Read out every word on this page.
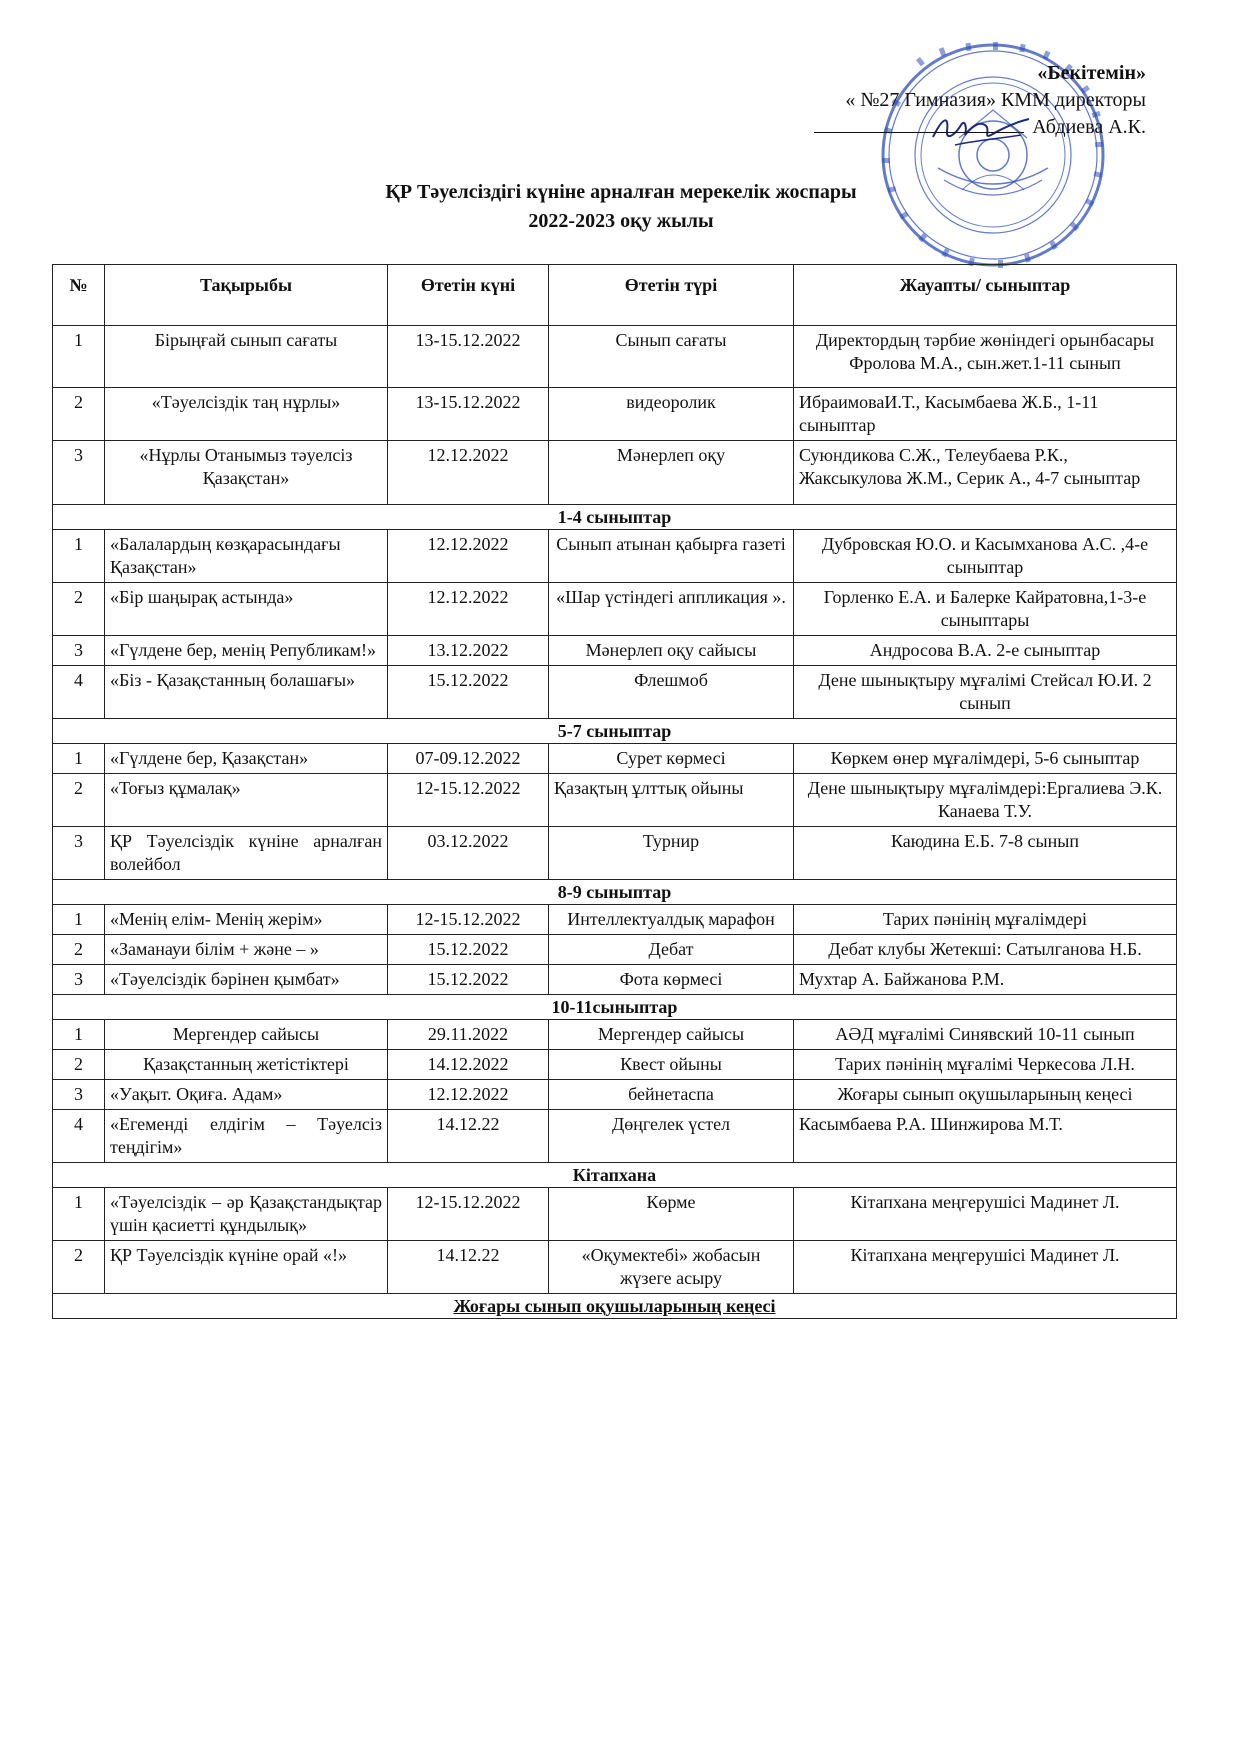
«Бекітемін»
« №27 Гимназия» КММ директоры
Абдиева А.К.
ҚР Тәуелсіздігі күніне арналған мерекелік жоспары
2022-2023 оқу жылы
№	Тақырыбы	Өтетін күні	Өтетін түрі	Жауапты/ сыныптар
1	Бірыңғай сынып сағаты	13-15.12.2022	Сынып сағаты	Директордың тәрбие жөніндегі орынбасары Фролова М.А., сын.жет.1-11 сынып
2	«Тәуелсіздік таң нұрлы»	13-15.12.2022	видеоролик	ИбраимоваИ.Т., Касымбаева Ж.Б., 1-11 сыныптар
3	«Нұрлы Отанымыз тәуелсіз Қазақстан»	12.12.2022	Мәнерлеп оқу	Суюндикова С.Ж., Телеубаева Р.К., Жаксыкулова Ж.М., Серик А., 4-7 сыныптар
1-4 сыныптар				
1	«Балалардың көзқарасындағы Қазақстан»	12.12.2022	Сынып атынан қабырға газеті	Дубровская Ю.О. и Касымханова А.С. ,4-е сыныптар
2	«Бір шаңырақ астында»	12.12.2022	«Шар үстіндегі аппликация ».	Горленко Е.А. и Балерке Кайратовна,1-3-е сыныптары
3	«Гүлдене бер, менің Републикам!»	13.12.2022	Мәнерлеп оқу сайысы	Андросова В.А. 2-е сыныптар
4	«Біз - Қазақстанның болашағы»	15.12.2022	Флешмоб	Дене шынықтыру мұғалімі Стейсал Ю.И. 2 сынып
5-7 сыныптар				
1	«Гүлдене бер, Қазақстан»	07-09.12.2022	Сурет көрмесі	Көркем өнер мұғалімдері, 5-6 сыныптар
2	«Тоғыз құмалақ»	12-15.12.2022	Қазақтың ұлттық ойыны	Дене шынықтыру мұғалімдері:Ергалиева Э.К. Канаева Т.У.
3	ҚР Тәуелсіздік күніне арналған волейбол	03.12.2022	Турнир	Каюдина Е.Б. 7-8 сынып
8-9 сыныптар				
1	«Менің елім- Менің жерім»	12-15.12.2022	Интеллектуалдық марафон	Тарих пәнінің мұғалімдері
2	«Заманауи білім + және – »	15.12.2022	Дебат	Дебат клубы Жетекші: Сатылганова Н.Б.
3	«Тәуелсіздік бәрінен қымбат»	15.12.2022	Фота көрмесі	Мухтар А. Байжанова Р.М.
10-11сыныптар				
1	Мергендер сайысы	29.11.2022	Мергендер сайысы	АӘД мұғалімі Синявский 10-11 сынып
2	Қазақстанның жетістіктері	14.12.2022	Квест ойыны	Тарих пәнінің мұғалімі Черкесова Л.Н.
3	«Уақыт. Оқиға. Адам»	12.12.2022	бейнетаспа	Жоғары сынып оқушыларының кеңесі
4	«Егеменді елдігім – Тәуелсіз теңдігім»	14.12.22	Дөңгелек үстел	Касымбаева Р.А. Шинжирова М.Т.
Кітапхана				
1	«Тәуелсіздік – әр Қазақстандықтар үшін қасиетті құндылық»	12-15.12.2022	Көрме	Кітапхана меңгерушісі Мадинет Л.
2	ҚР Тәуелсіздік күніне орай «!»	14.12.22	«Оқумектебі» жобасын жүзеге асыру	Кітапхана меңгерушісі Мадинет Л.
Жоғары сынып оқушыларының кеңесі				
